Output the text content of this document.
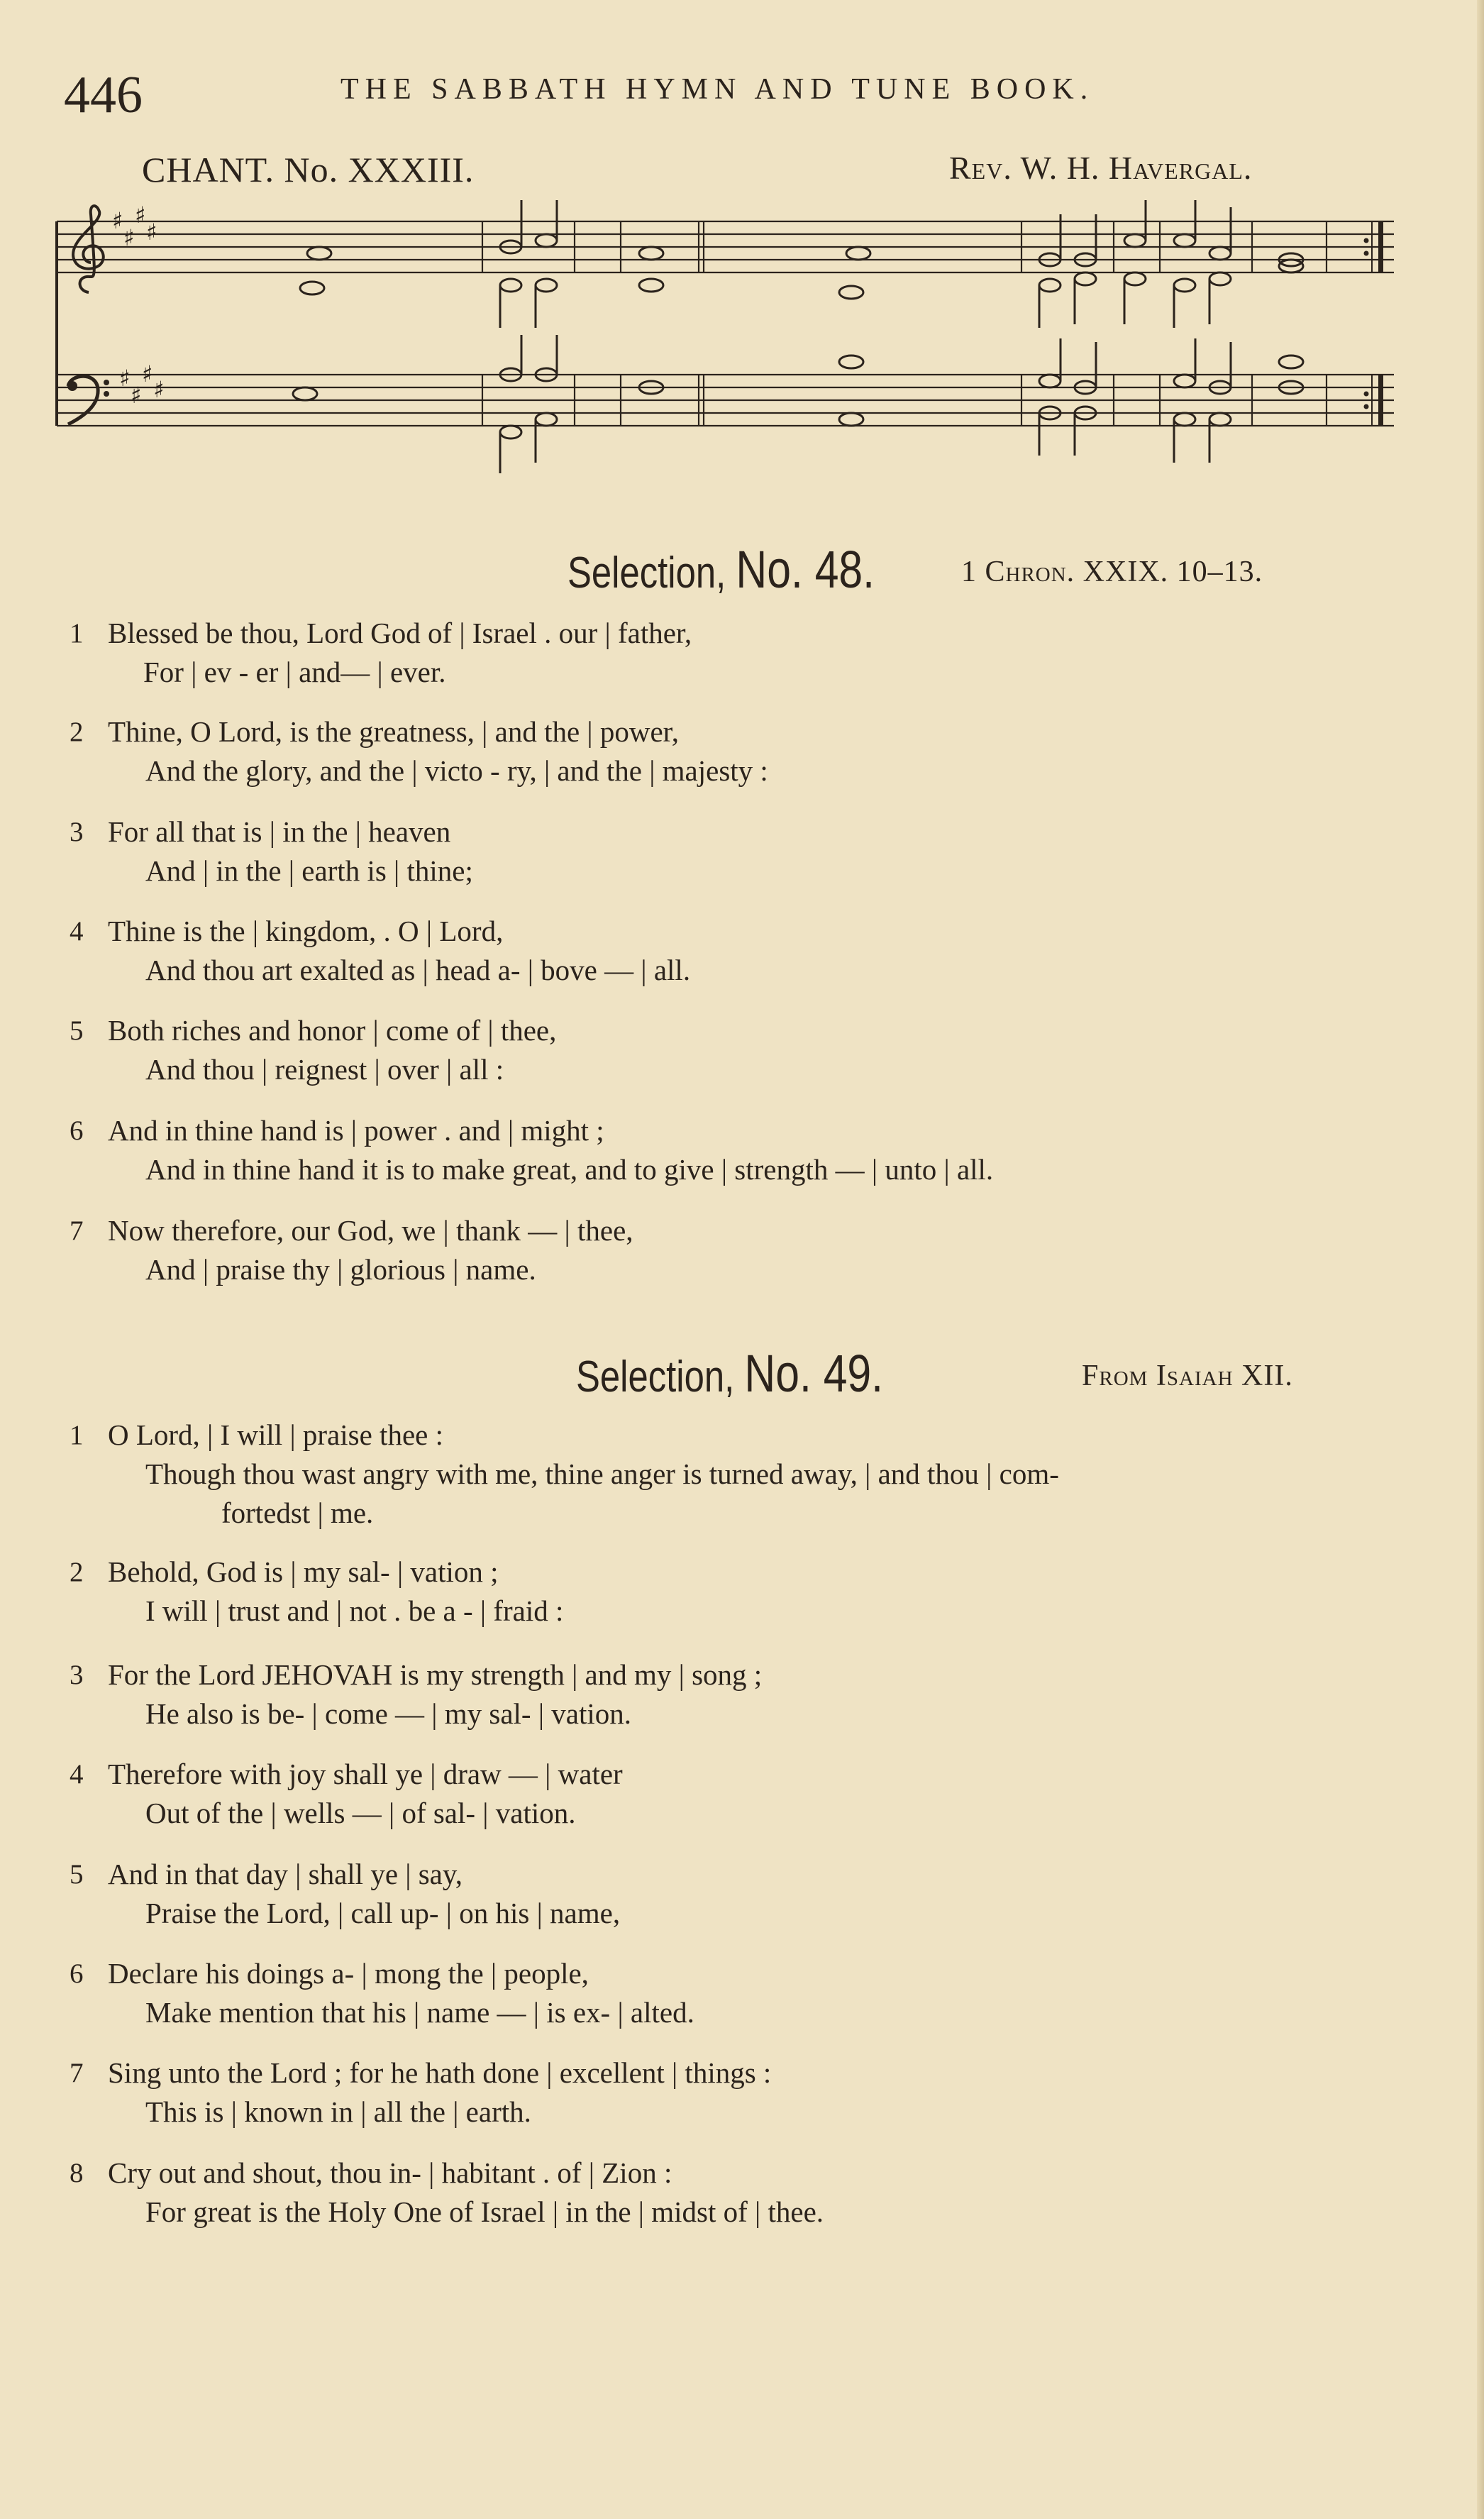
446	THE SABBATH HYMN AND TUNE BOOK.
CHANT. No. XXXIII.	Rev. W. H. Havergal.
♯
♯
♯
♯
♯
♯
♯
♯
Selection, No. 48.	1 Chron. XXIX. 10–13.
1 Blessed be thou, Lord God of | Israel . our | father,
For | ev - er | and— | ever.
2 Thine, O Lord, is the greatness, | and the | power,
And the glory, and the | victo - ry, | and the | majesty :
3 For all that is | in the | heaven
And | in the | earth is | thine;
4 Thine is the | kingdom, . O | Lord,
And thou art exalted as | head a- | bove — | all.
5 Both riches and honor | come of | thee,
And thou | reignest | over | all :
6 And in thine hand is | power . and | might ;
And in thine hand it is to make great, and to give | strength — | unto | all.
7 Now therefore, our God, we | thank — | thee,
And | praise thy | glorious | name.
Selection, No. 49.	From Isaiah XII.
1 O Lord, | I will | praise thee :
Though thou wast angry with me, thine anger is turned away, | and thou | com-
fortedst | me.
2 Behold, God is | my sal- | vation ;
I will | trust and | not . be a - | fraid :
3 For the Lord JEHOVAH is my strength | and my | song ;
He also is be- | come — | my sal- | vation.
4 Therefore with joy shall ye | draw — | water
Out of the | wells — | of sal- | vation.
5 And in that day | shall ye | say,
Praise the Lord, | call up- | on his | name,
6 Declare his doings a- | mong the | people,
Make mention that his | name — | is ex- | alted.
7 Sing unto the Lord ; for he hath done | excellent | things :
This is | known in | all the | earth.
8 Cry out and shout, thou in- | habitant . of | Zion :
For great is the Holy One of Israel | in the | midst of | thee.
